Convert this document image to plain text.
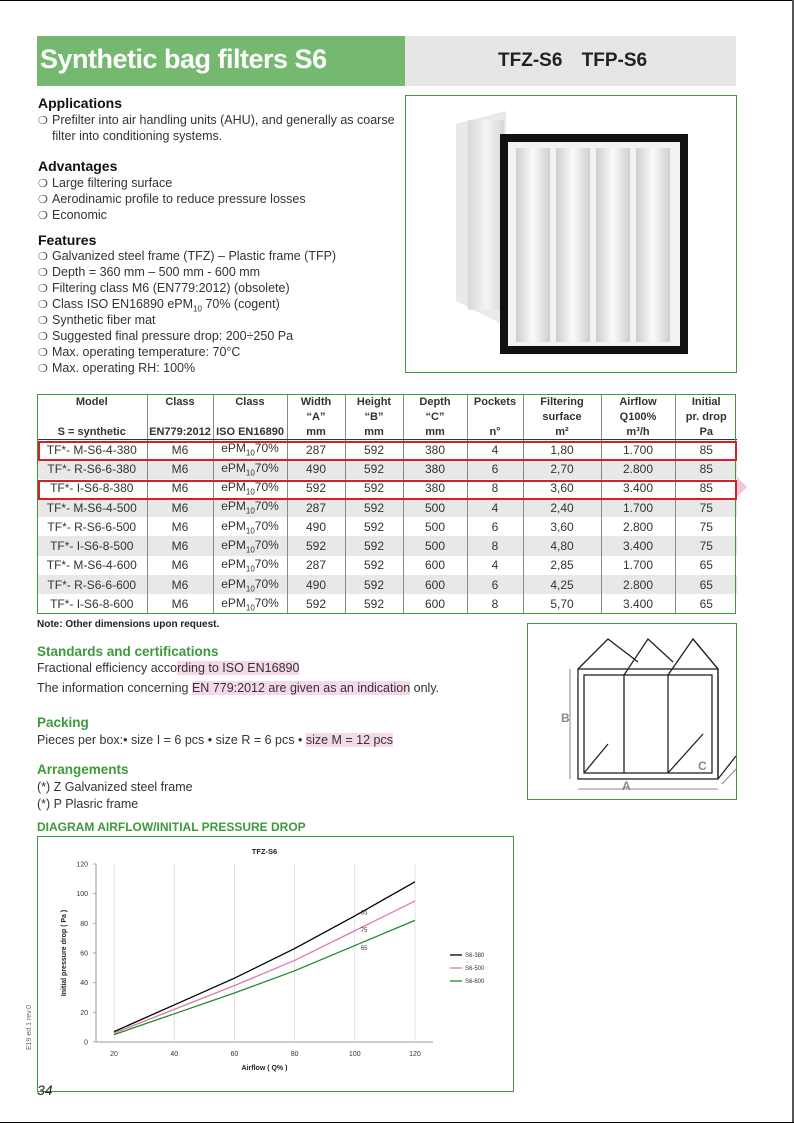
Synthetic bag filters S6	TFZ-S6 TFP-S6
Applications
❍ Prefilter into air handling units (AHU), and generally as coarse
filter into conditioning systems.
Advantages
❍ Large filtering surface
❍ Aerodinamic profile to reduce pressure losses
❍ Economic
Features
❍ Galvanized steel frame (TFZ) – Plastic frame (TFP)
❍ Depth = 360 mm – 500 mm - 600 mm
❍ Filtering class M6 (EN779:2012) (obsolete)
❍ Class ISO EN16890 ePM$_{10}$ 70% (cogent)
❍ Synthetic fiber mat
❍ Suggested final pressure drop: 200÷250 Pa
❍ Max. operating temperature: 70°C
❍ Max. operating RH: 100%
Model	Class	Class	Width	Height	Depth	Pockets	Filtering	Airflow	Initial
			“A”	“B”	“C”		surface	Q100%	pr. drop
S = synthetic	EN779:2012	ISO EN16890	mm	mm	mm	n°	m²	m³/h	Pa
TF*- M-S6-4-380	M6	ePM$_{10}$70%	287	592	380	4	1,80	1.700	85
TF*- R-S6-6-380	M6	ePM$_{10}$70%	490	592	380	6	2,70	2.800	85
TF*- I-S6-8-380	M6	ePM$_{10}$70%	592	592	380	8	3,60	3.400	85
TF*- M-S6-4-500	M6	ePM$_{10}$70%	287	592	500	4	2,40	1.700	75
TF*- R-S6-6-500	M6	ePM$_{10}$70%	490	592	500	6	3,60	2.800	75
TF*- I-S6-8-500	M6	ePM$_{10}$70%	592	592	500	8	4,80	3.400	75
TF*- M-S6-4-600	M6	ePM$_{10}$70%	287	592	600	4	2,85	1.700	65
TF*- R-S6-6-600	M6	ePM$_{10}$70%	490	592	600	6	4,25	2.800	65
TF*- I-S6-8-600	M6	ePM$_{10}$70%	592	592	600	8	5,70	3.400	65
Note: Other dimensions upon request.
Standards and certifications
Fractional efficiency according to ISO EN16890
The information concerning EN 779:2012 are given as an indication only.
Packing
Pieces per box:• size I = 6 pcs • size R = 6 pcs • size M = 12 pcs
Arrangements
(*) Z Galvanized steel frame
(*) P Plasric frame
B
A
C
DIAGRAM AIRFLOW/INITIAL PRESSURE DROP
20	40	60	80	100	120
0
20
40
60
80
100
120
TFZ-S6
Airflow ( Q% )
Initial pressure drop ( Pa )	S6-380
S6-500
S6-600
85
75
65
E19 ed.1 rev.0
34
